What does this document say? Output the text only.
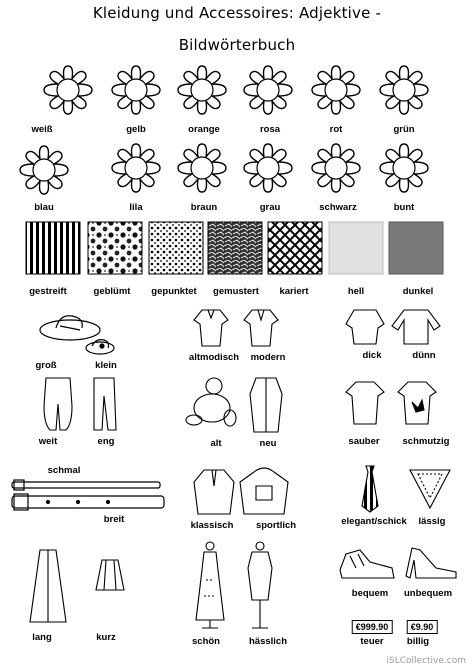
Kleidung und Accessoires: Adjektive -
Bildwörterbuch
weiß	gelb	orange	rosa	rot	grün
blau	lila	braun	grau	schwarz	bunt
gestreift	geblümt gepunktet gemustert kariert	hell	dunkel
groß	klein
weit	eng
altmodisch modern
alt	neu
dick	dünn
sauber schmutzig
schmal
breit
klassisch sportlich	elegant/schick lässig
lang	kurz	schön	hässlich
bequem unbequem
€999.90	€9.90
teuer billig
iSLCollective.com
